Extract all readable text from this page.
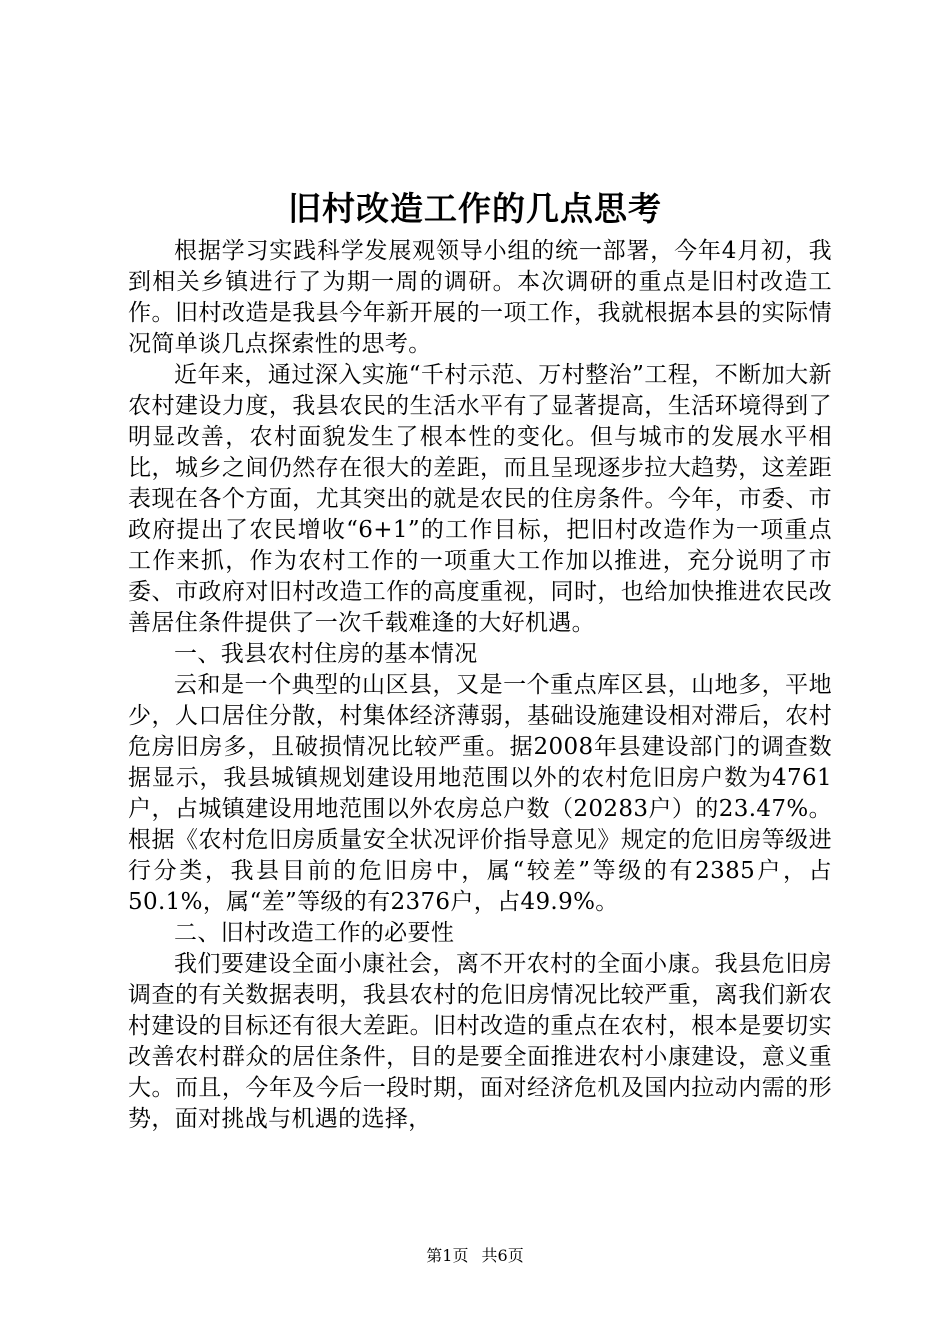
旧村改造工作的几点思考

根据学习实践科学发展观领导小组的统一部署，今年4月初，我到相关乡镇进行了为期一周的调研。本次调研的重点是旧村改造工作。旧村改造是我县今年新开展的一项工作，我就根据本县的实际情况简单谈几点探索性的思考。

近年来，通过深入实施“千村示范、万村整治”工程，不断加大新农村建设力度，我县农民的生活水平有了显著提高，生活环境得到了明显改善，农村面貌发生了根本性的变化。但与城市的发展水平相比，城乡之间仍然存在很大的差距，而且呈现逐步拉大趋势，这差距表现在各个方面，尤其突出的就是农民的住房条件。今年，市委、市政府提出了农民增收“6+1”的工作目标，把旧村改造作为一项重点工作来抓，作为农村工作的一项重大工作加以推进，充分说明了市委、市政府对旧村改造工作的高度重视，同时，也给加快推进农民改善居住条件提供了一次千载难逢的大好机遇。

一、我县农村住房的基本情况

云和是一个典型的山区县，又是一个重点库区县，山地多，平地少，人口居住分散，村集体经济薄弱，基础设施建设相对滞后，农村危房旧房多，且破损情况比较严重。据2008年县建设部门的调查数据显示，我县城镇规划建设用地范围以外的农村危旧房户数为4761户，占城镇建设用地范围以外农房总户数（20283户）的23.47%。根据《农村危旧房质量安全状况评价指导意见》规定的危旧房等级进行分类，我县目前的危旧房中，属“较差”等级的有2385户，占50.1%，属“差”等级的有2376户，占49.9%。

二、旧村改造工作的必要性

我们要建设全面小康社会，离不开农村的全面小康。我县危旧房调查的有关数据表明，我县农村的危旧房情况比较严重，离我们新农村建设的目标还有很大差距。旧村改造的重点在农村，根本是要切实改善农村群众的居住条件，目的是要全面推进农村小康建设，意义重大。而且，今年及今后一段时期，面对经济危机及国内拉动内需的形势，面对挑战与机遇的选择，

第1页 共6页
